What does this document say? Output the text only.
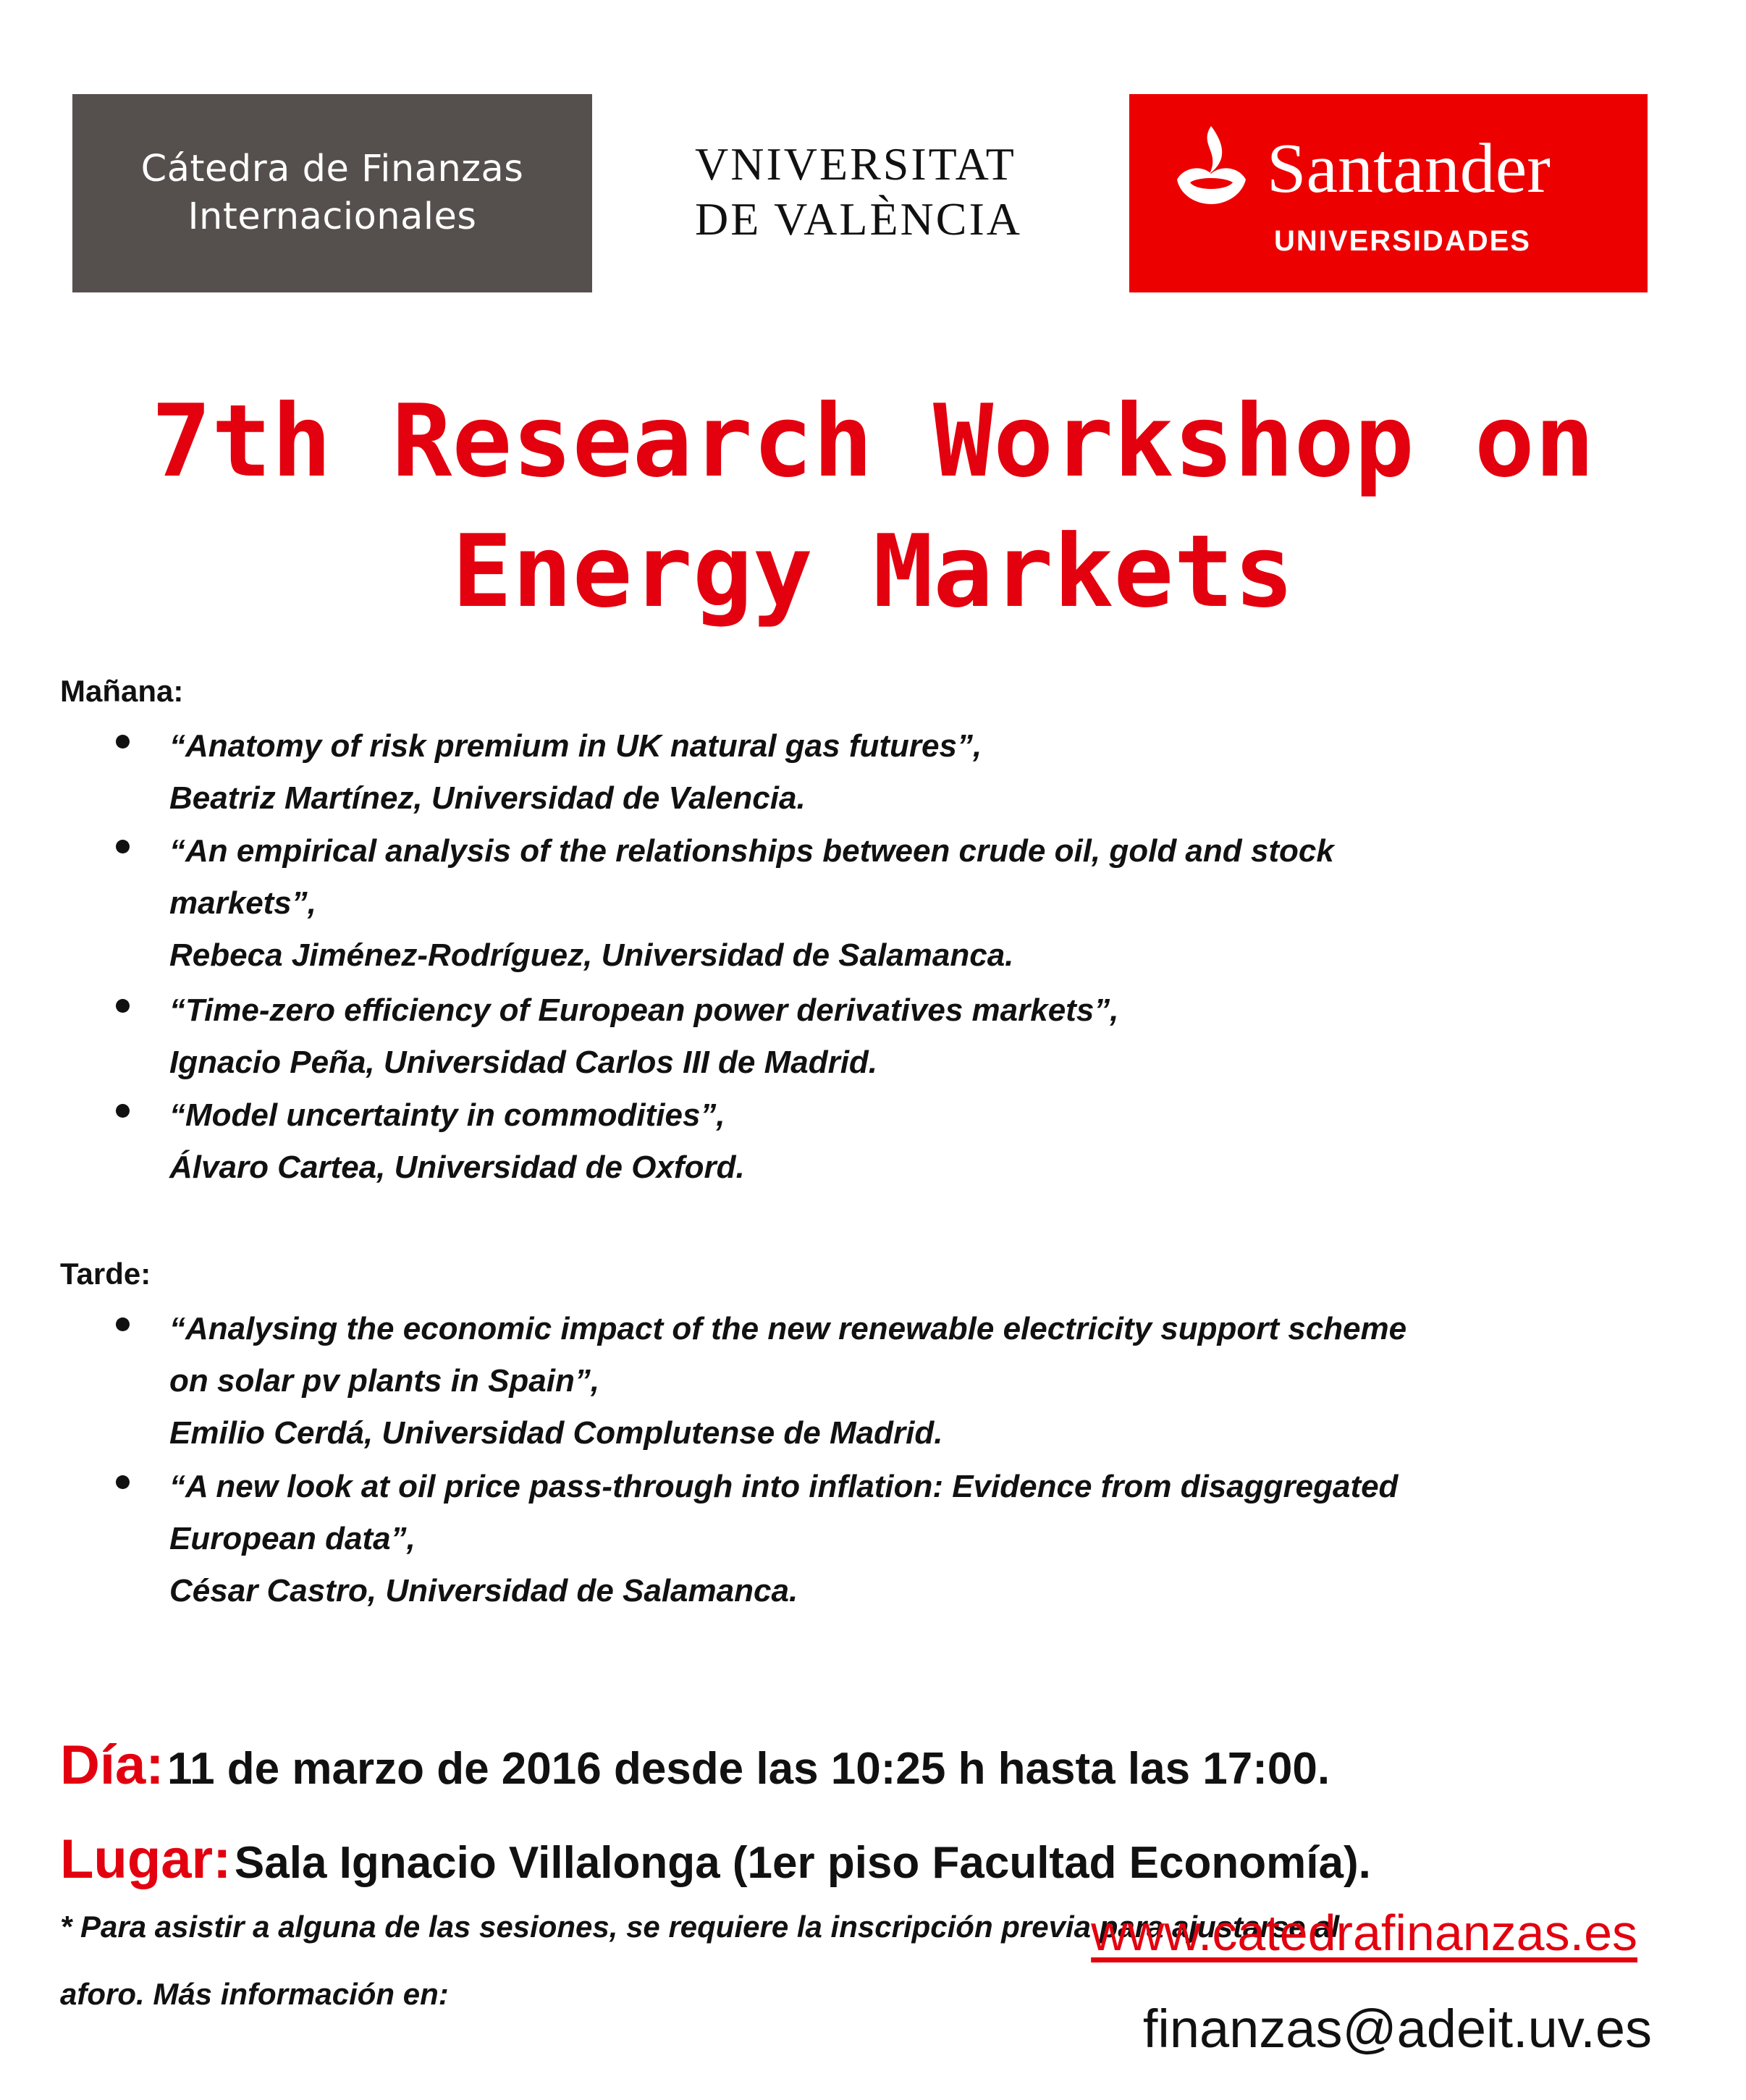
Cátedra de Finanzas
Internacionales
VNIVERSITAT
DE VALÈNCIA
Santander
UNIVERSIDADES
7th Research Workshop on
Energy Markets
Mañana:
“Anatomy of risk premium in UK natural gas futures”,
Beatriz Martínez, Universidad de Valencia.
“An empirical analysis of the relationships between crude oil, gold and stock
markets”,
Rebeca Jiménez-Rodríguez, Universidad de Salamanca.
“Time-zero efficiency of European power derivatives markets”,
Ignacio Peña, Universidad Carlos III de Madrid.
“Model uncertainty in commodities”,
Álvaro Cartea, Universidad de Oxford.
Tarde:
“Analysing the economic impact of the new renewable electricity support scheme
on solar pv plants in Spain”,
Emilio Cerdá, Universidad Complutense de Madrid.
“A new look at oil price pass-through into inflation: Evidence from disaggregated
European data”,
César Castro, Universidad de Salamanca.
Día: 11 de marzo de 2016 desde las 10:25 h hasta las 17:00.
Lugar: Sala Ignacio Villalonga (1er piso Facultad Economía).
* Para asistir a alguna de las sesiones, se requiere la inscripción previa para ajustarse al
aforo. Más información en:
www.catedrafinanzas.es
finanzas@adeit.uv.es
